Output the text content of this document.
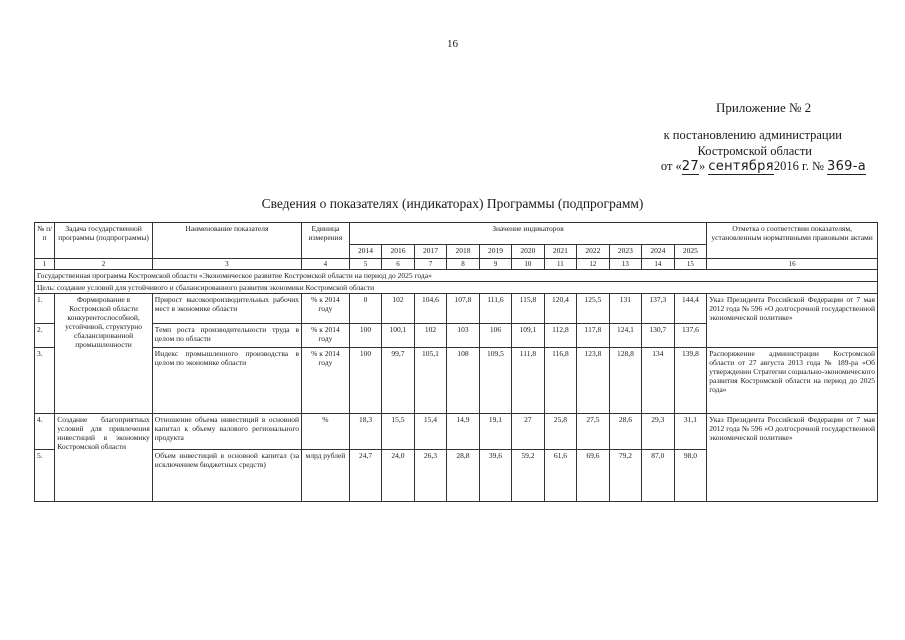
16
Приложение № 2
к постановлению администрации
Костромской области
от «27» сентября2016 г. № 369-а
Сведения о показателях (индикаторах) Программы (подпрограмм)
№ п/п	Задача государственной программы (подпрограммы)	Наименование показателя	Единица измерения	Значение индикаторов											Отметка о соответствии показателям, установленным нормативными правовыми актами
				2014	2016	2017	2018	2019	2020	2021	2022	2023	2024	2025	
1	2	3	4	5	6	7	8	9	10	11	12	13	14	15	16
Государственная программа Костромской области «Экономическое развитие Костромской области на период до 2025 года»															
Цель: создание условий для устойчивого и сбалансированного развития экономики Костромской области															
1.	Формирование в Костромской области конкурентоспособной, устойчивой, структурно сбалансированной промышленности	Прирост высокопроизводительных рабочих мест в экономике области	% к 2014 году	0	102	104,6	107,8	111,6	115,8	120,4	125,5	131	137,3	144,4	Указ Президента Российской Федерации от 7 мая 2012 года № 596 «О долгосрочной государственной экономической политике»
2.		Темп роста производительности труда в целом по области	% к 2014 году	100	100,1	102	103	106	109,1	112,8	117,8	124,1	130,7	137,6	
3.		Индекс промышленного производства в целом по экономике области	% к 2014 году	100	99,7	105,1	108	109,5	111,8	116,8	123,8	128,8	134	139,8	Распоряжение администрации Костромской области от 27 августа 2013 года № 189-ра «Об утверждении Стратегии социально-экономического развития Костромской области на период до 2025 года»
4.	Создание благоприятных условий для привлечения инвестиций в экономику Костромской области	Отношение объема инвестиций в основной капитал к объему валового регионального продукта	%	18,3	15,5	15,4	14,9	19,1	27	25,8	27,5	28,6	29,3	31,1	Указ Президента Российской Федерации от 7 мая 2012 года № 596 «О долгосрочной государственной экономической политике»
5.		Объем инвестиций в основной капитал (за исключением бюджетных средств)	млрд рублей	24,7	24,0	26,3	28,8	39,6	59,2	61,6	69,6	79,2	87,0	98,0	
